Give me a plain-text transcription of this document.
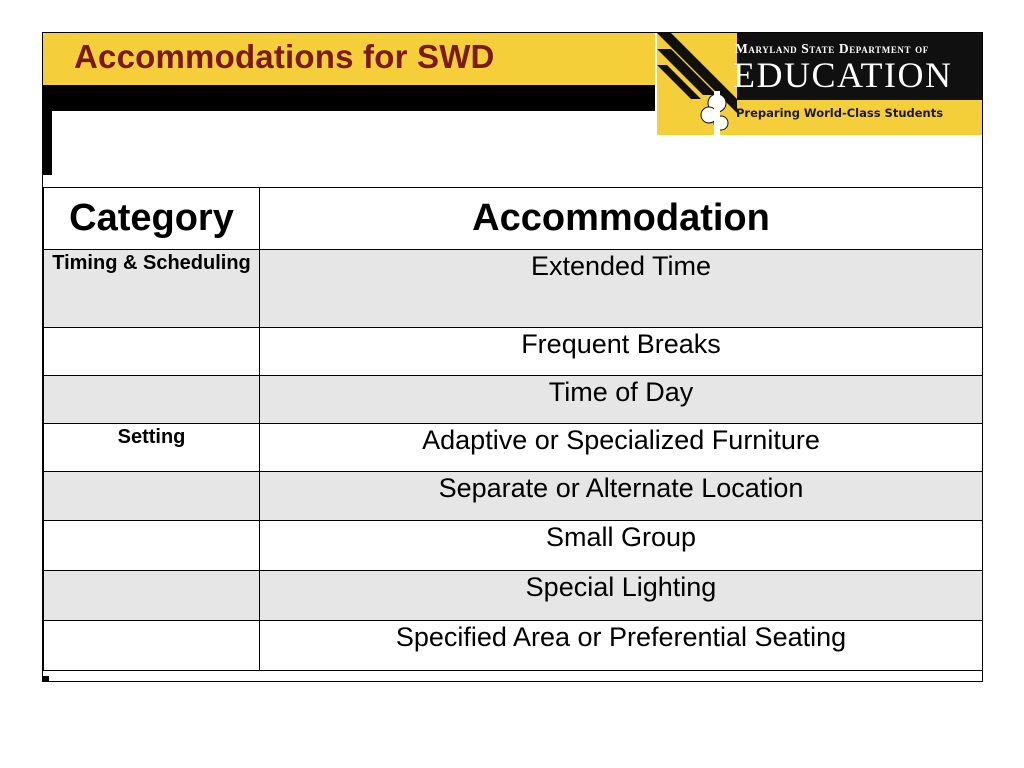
Accommodations for SWD	Maryland State Department of
EDUCATION
Preparing World-Class Students
Category	Accommodation
Timing & Scheduling	Extended Time
	Frequent Breaks
	Time of Day
Setting	Adaptive or Specialized Furniture
	Separate or Alternate Location
	Small Group
	Special Lighting
	Specified Area or Preferential Seating
